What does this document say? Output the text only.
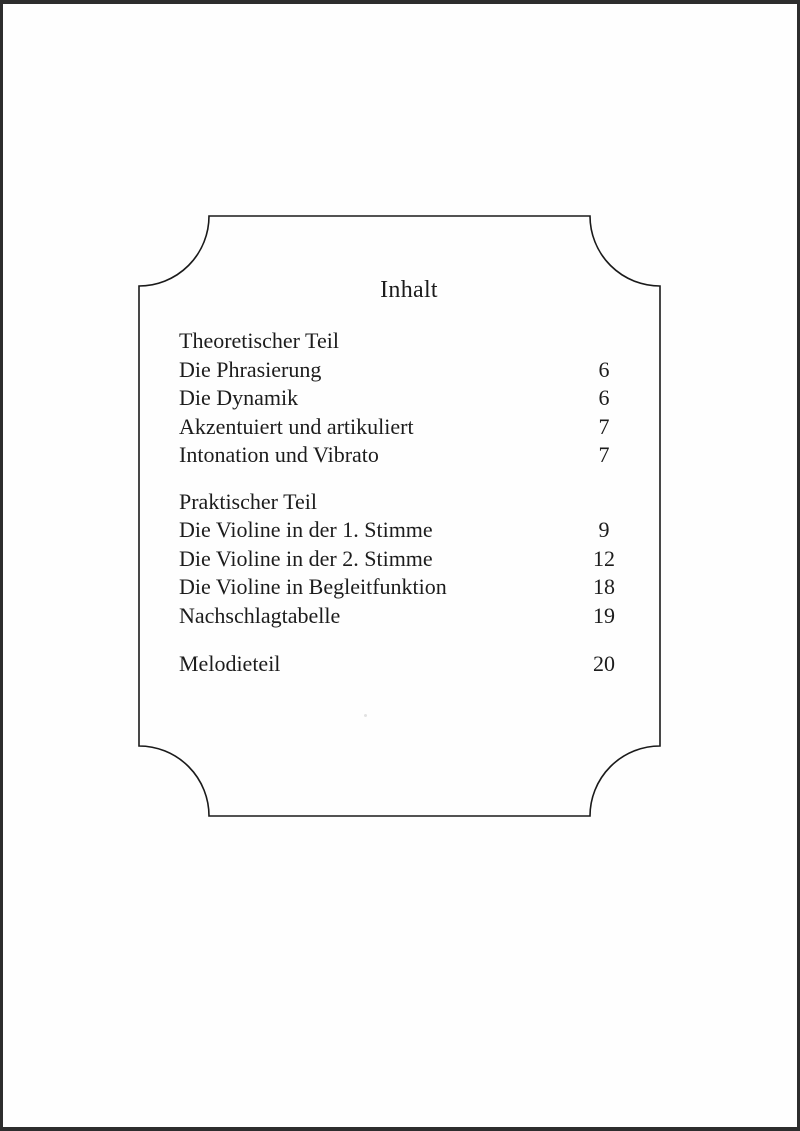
Inhalt
Theoretischer Teil
Die Phrasierung	6
Die Dynamik	6
Akzentuiert und artikuliert	7
Intonation und Vibrato	7
Praktischer Teil
Die Violine in der 1. Stimme	9
Die Violine in der 2. Stimme	12
Die Violine in Begleitfunktion	18
Nachschlagtabelle	19
Melodieteil	20
